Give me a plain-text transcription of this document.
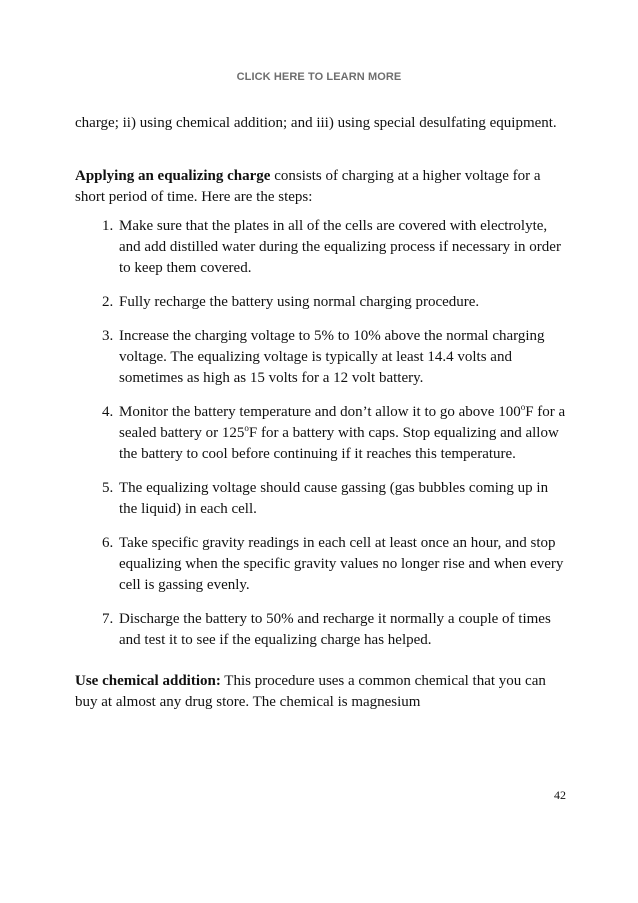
CLICK HERE TO LEARN MORE

charge; ii) using chemical addition; and iii) using special desulfating equipment.

Applying an equalizing charge consists of charging at a higher voltage for a short period of time. Here are the steps:

1. Make sure that the plates in all of the cells are covered with electrolyte, and add distilled water during the equalizing process if necessary in order to keep them covered.
2. Fully recharge the battery using normal charging procedure.
3. Increase the charging voltage to 5% to 10% above the normal charging voltage. The equalizing voltage is typically at least 14.4 volts and sometimes as high as 15 volts for a 12 volt battery.
4. Monitor the battery temperature and don’t allow it to go above 100$^o$F for a sealed battery or 125$^o$F for a battery with caps. Stop equalizing and allow the battery to cool before continuing if it reaches this temperature.
5. The equalizing voltage should cause gassing (gas bubbles coming up in the liquid) in each cell.
6. Take specific gravity readings in each cell at least once an hour, and stop equalizing when the specific gravity values no longer rise and when every cell is gassing evenly.
7. Discharge the battery to 50% and recharge it normally a couple of times and test it to see if the equalizing charge has helped.

Use chemical addition: This procedure uses a common chemical that you can buy at almost any drug store. The chemical is magnesium

42
